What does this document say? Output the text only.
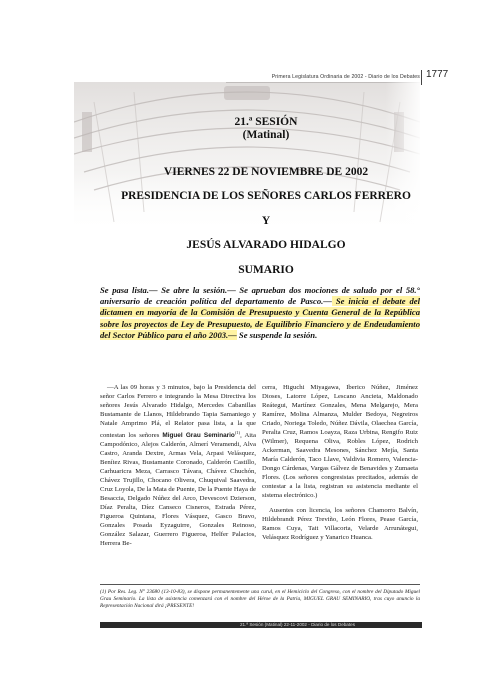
Primera Legislatura Ordinaria de 2002 - Diario de los Debates 1777
21.ª SESIÓN
(Matinal)
VIERNES 22 DE NOVIEMBRE DE 2002
PRESIDENCIA DE LOS SEÑORES CARLOS FERRERO
Y
JESÚS ALVARADO HIDALGO
SUMARIO
Se pasa lista.— Se abre la sesión.— Se aprueban dos mociones de saludo por el 58.° aniversario de creación política del departamento de Pasco.— Se inicia el debate del dictamen en mayoría de la Comisión de Presupuesto y Cuenta General de la República sobre los proyectos de Ley de Presupuesto, de Equilibrio Financiero y de Endeudamiento del Sector Público para el año 2003.— Se suspende la sesión.

—A las 09 horas y 3 minutos, bajo la Presidencia del señor Carlos Ferrero e integrando la Mesa Directiva los señores Jesús Alvarado Hidalgo, Mercedes Cabanillas Bustamante de Llanos, Hildebrando Tapia Samaniego y Natale Amprimo Plá, el Relator pasa lista, a la que contestan los señores Miguel Grau Seminario$^{(1)}$, Aita Campodónico, Alejos Calderón, Almerí Veramendi, Alva Castro, Aranda Dextre, Armas Vela, Arpasi Velásquez, Benítez Rivas, Bustamante Coronado, Calderón Castillo, Carhuaricra Meza, Carrasco Távara, Chávez Chuchón, Chávez Trujillo, Chocano Olivera, Chuquival Saavedra, Cruz Loyola, De la Mata de Puente, De la Puente Haya de Besaccia, Delgado Núñez del Arco, Devescovi Dzierson, Díaz Peralta, Díez Canseco Cisneros, Estrada Pérez, Figueroa Quintana, Flores Vásquez, Gasco Bravo, Gonzales Posada Eyzaguirre, Gonzales Reinoso, González Salazar, Guerrero Figueroa, Helfer Palacios, Herrera Be-

cerra, Higuchi Miyagawa, Iberico Núñez, Jiménez Dioses, Latorre López, Lescano Ancieta, Maldonado Reátegui, Martínez Gonzales, Mena Melgarejo, Mera Ramírez, Molina Almanza, Mulder Bedoya, Negreiros Criado, Noriega Toledo, Núñez Dávila, Olaechea García, Peralta Cruz, Ramos Loayza, Raza Urbina, Rengifo Ruiz (Wilmer), Requena Oliva, Robles López, Rodrich Ackerman, Saavedra Mesones, Sánchez Mejía, Santa María Calderón, Taco Llave, Valdivia Romero, Valencia-Dongo Cárdenas, Vargas Gálvez de Benavides y Zumaeta Flores. (Los señores congresistas precitados, además de contestar a la lista, registran su asistencia mediante el sistema electrónico.)

Ausentes con licencia, los señores Chamorro Balvín, Hildebrandt Pérez Treviño, León Flores, Pease García, Ramos Cuya, Tait Villacorta, Velarde Arrunátegui, Velásquez Rodríguez y Yanarico Huanca.

(1) Por Res. Leg. N° 23680 (13-10-83), se dispone permanentemente una curul, en el Hemiciclo del Congreso, con el nombre del Diputado Miguel Grau Seminario. La lista de asistencia comenzará con el nombre del Héroe de la Patria, MIGUEL GRAU SEMINARIO, tras cuyo anuncio la Representación Nacional dirá ¡PRESENTE!
21.ª Sesión (Matinal) 22-11-2002 - Diario de los Debates
